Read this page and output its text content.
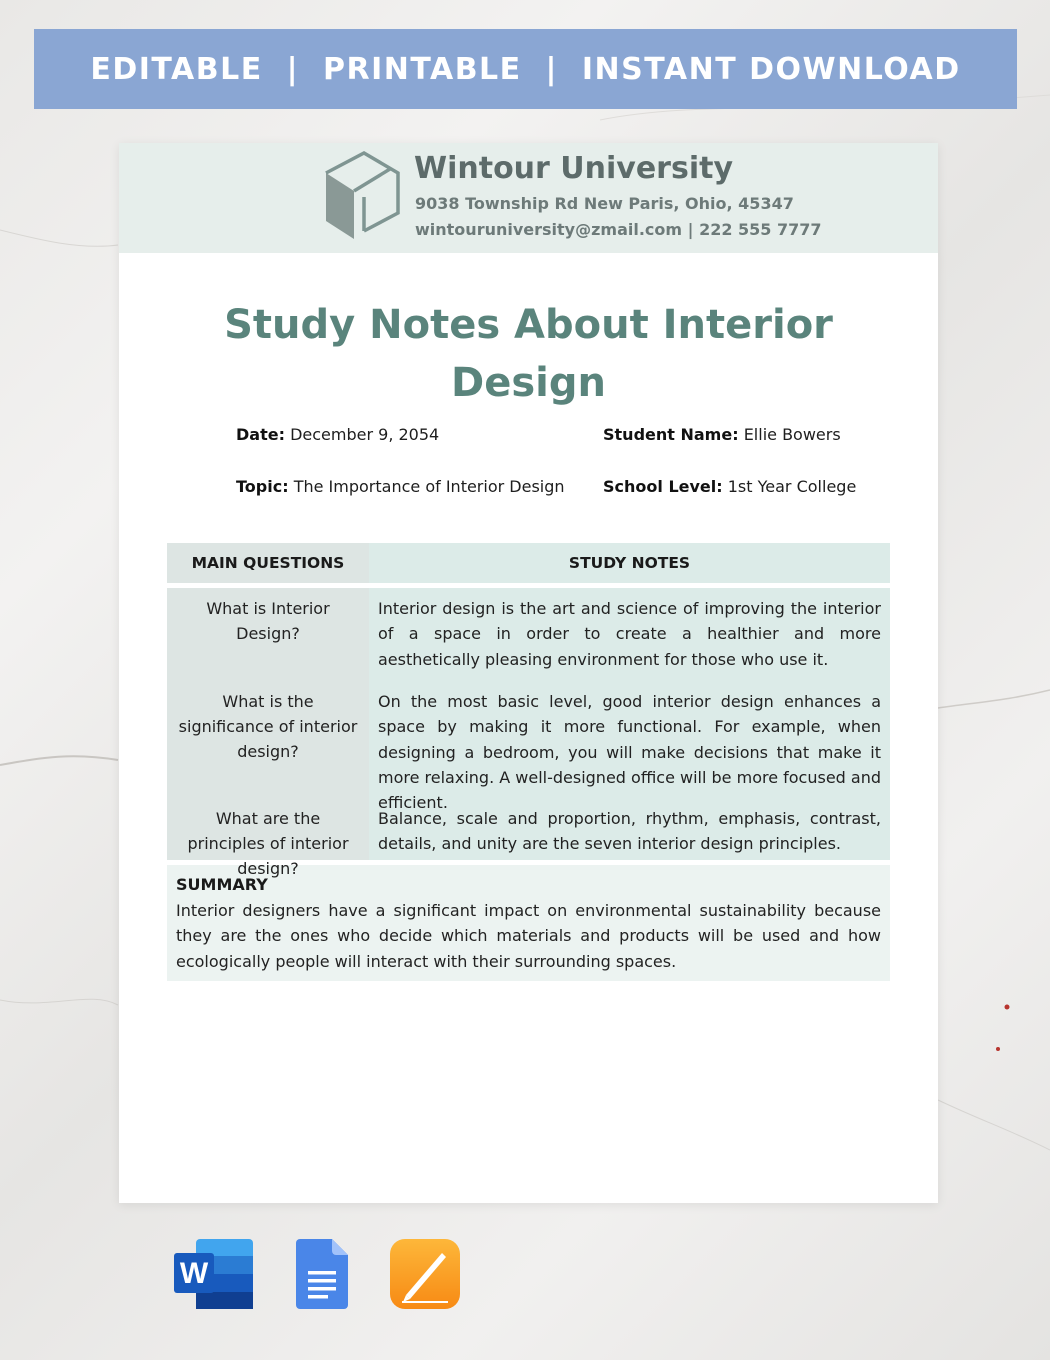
EDITABLE  |  PRINTABLE  |  INSTANT DOWNLOAD
Wintour University
9038 Township Rd New Paris, Ohio, 45347
wintouruniversity@zmail.com | 222 555 7777
Study Notes About Interior Design
Date: December 9, 2054	Student Name: Ellie Bowers
Topic: The Importance of Interior Design School Level: 1st Year College
MAIN QUESTIONS	STUDY NOTES
What is Interior Design?
What is the significance of interior design?
What are the principles of interior design?
Interior design is the art and science of improving the interior of a space in order to create a healthier and more aesthetically pleasing environment for those who use it.
On the most basic level, good interior design enhances a space by making it more functional. For example, when designing a bedroom, you will make decisions that make it more relaxing. A well-designed office will be more focused and efficient.
Balance, scale and proportion, rhythm, emphasis, contrast, details, and unity are the seven interior design principles.
SUMMARY
Interior designers have a significant impact on environmental sustainability because they are the ones who decide which materials and products will be used and how ecologically people will interact with their surrounding spaces.
W
